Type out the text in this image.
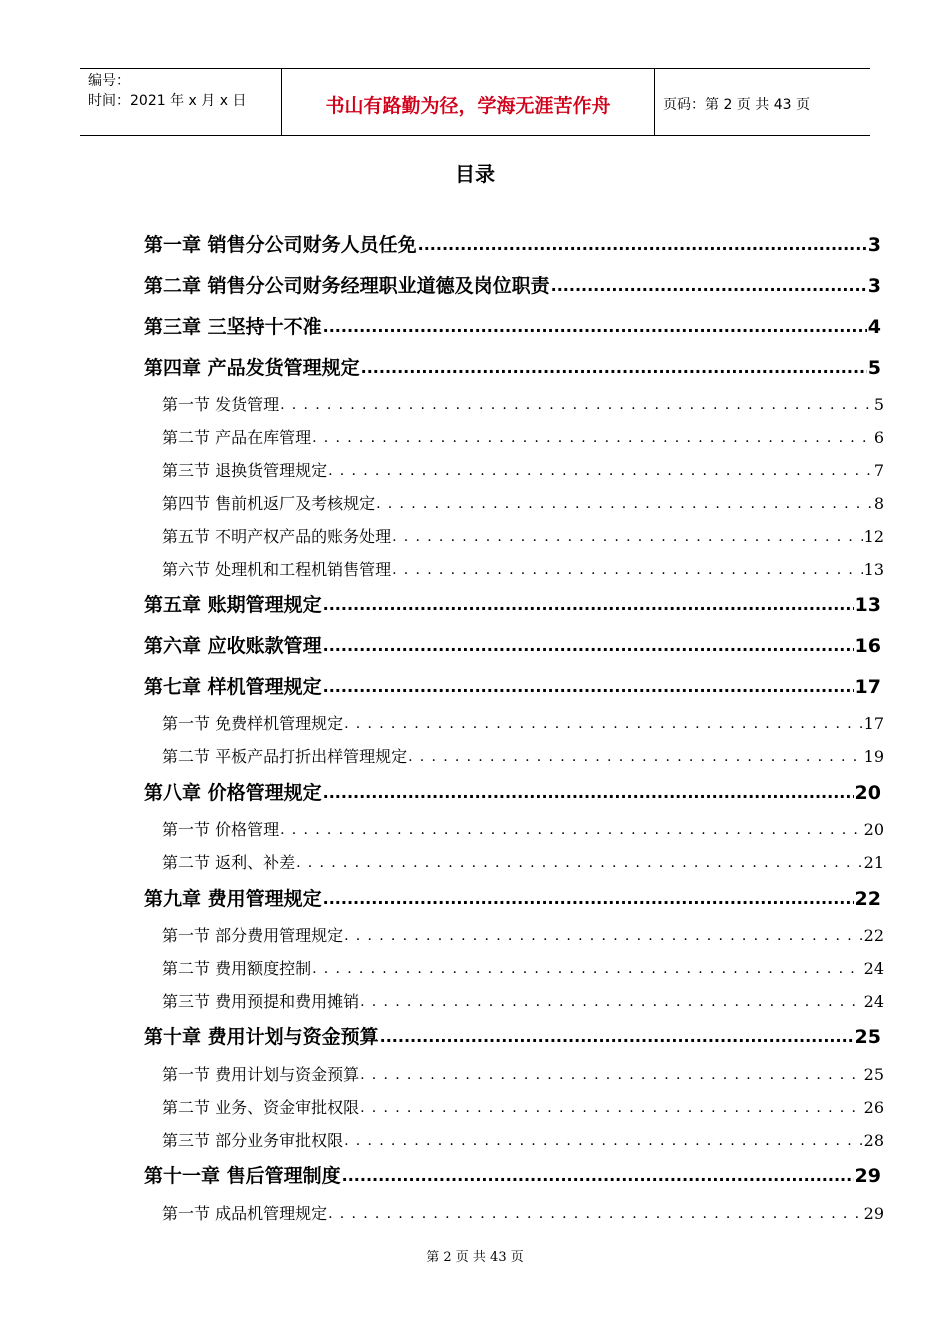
编号：
时间：2021 年 x 月 x 日	书山有路勤为径，学海无涯苦作舟	页码：第 2 页 共 43 页
目录
第一章 销售分公司财务人员任免 .....	3
第二章 销售分公司财务经理职业道德及岗位职责 .....	3
第三章 三坚持十不准 .....	4
第四章 产品发货管理规定 .....	5
第一节 发货管理 . . .	5
第二节 产品在库管理 . . .	6
第三节 退换货管理规定 . . .	7
第四节 售前机返厂及考核规定 . . .	8
第五节 不明产权产品的账务处理 . . .	12
第六节 处理机和工程机销售管理 . . .	13
第五章 账期管理规定 .....	13
第六章 应收账款管理 .....	16
第七章 样机管理规定 .....	17
第一节 免费样机管理规定 . . .	17
第二节 平板产品打折出样管理规定 . . .	19
第八章 价格管理规定 .....	20
第一节 价格管理 . . .	20
第二节 返利、补差 . . .	21
第九章 费用管理规定 .....	22
第一节 部分费用管理规定 . . .	22
第二节 费用额度控制 . . .	24
第三节 费用预提和费用摊销 . . .	24
第十章 费用计划与资金预算 .....	25
第一节 费用计划与资金预算 . . .	25
第二节 业务、资金审批权限 . . .	26
第三节 部分业务审批权限 . . .	28
第十一章 售后管理制度 .....	29
第一节 成品机管理规定 . . .	29
第 2 页 共 43 页
